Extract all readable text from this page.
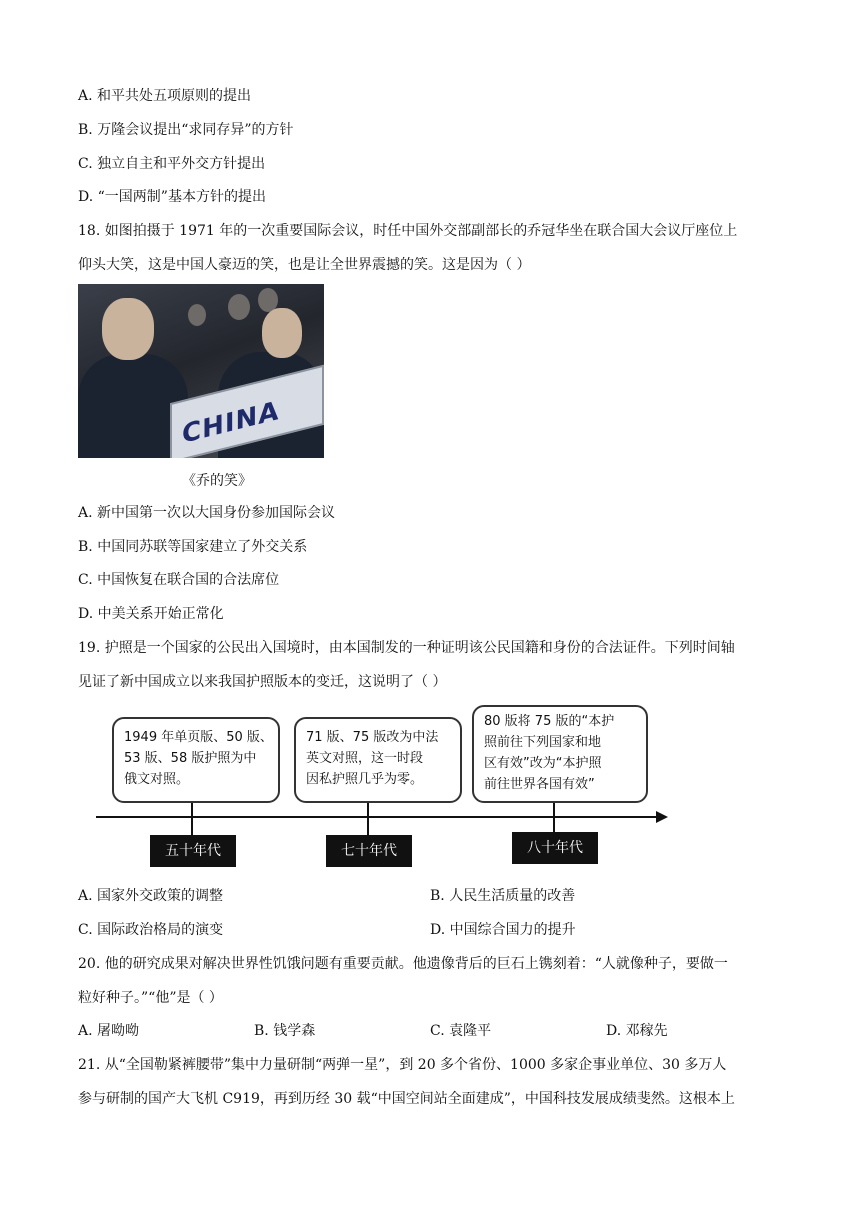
A. 和平共处五项原则的提出
B. 万隆会议提出“求同存异”的方针
C. 独立自主和平外交方针提出
D. “一国两制”基本方针的提出
18. 如图拍摄于 1971 年的一次重要国际会议，时任中国外交部副部长的乔冠华坐在联合国大会议厅座位上
仰头大笑，这是中国人豪迈的笑，也是让全世界震撼的笑。这是因为（ ）
CHINA
《乔的笑》
A. 新中国第一次以大国身份参加国际会议
B. 中国同苏联等国家建立了外交关系
C. 中国恢复在联合国的合法席位
D. 中美关系开始正常化
19. 护照是一个国家的公民出入国境时，由本国制发的一种证明该公民国籍和身份的合法证件。下列时间轴
见证了新中国成立以来我国护照版本的变迁，这说明了（ ）
1949 年单页版、50 版、
53 版、58 版护照为中
俄文对照。
71 版、75 版改为中法
英文对照，这一时段
因私护照几乎为零。
80 版将 75 版的“本护
照前往下列国家和地
区有效”改为“本护照
前往世界各国有效”
五十年代	七十年代	八十年代
A. 国家外交政策的调整	B. 人民生活质量的改善
C. 国际政治格局的演变	D. 中国综合国力的提升
20. 他的研究成果对解决世界性饥饿问题有重要贡献。他遗像背后的巨石上镌刻着：“人就像种子，要做一
粒好种子。”“他”是（ ）
A. 屠呦呦	B. 钱学森	C. 袁隆平	D. 邓稼先
21. 从“全国勒紧裤腰带”集中力量研制“两弹一星”，到 20 多个省份、1000 多家企事业单位、30 多万人
参与研制的国产大飞机 C919，再到历经 30 载“中国空间站全面建成”，中国科技发展成绩斐然。这根本上
